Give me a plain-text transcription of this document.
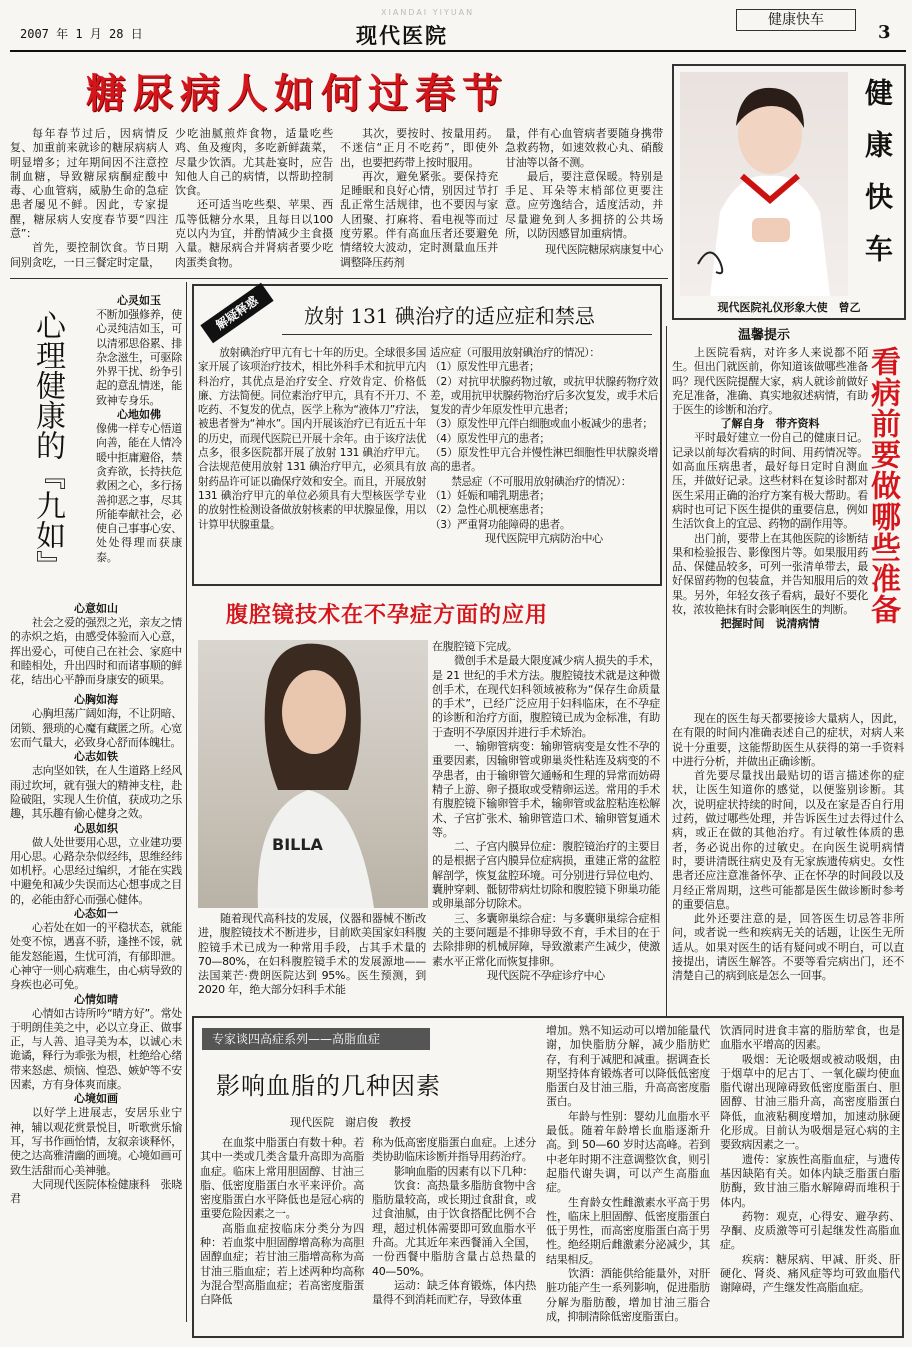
2007 年 1 月 28 日
XIANDAI YIYUAN
现代医院
健康快车
3
糖尿病人如何过春节

每年春节过后，因病情反复、加重前来就诊的糖尿病病人明显增多；过年期间因不注意控制血糖，导致糖尿病酮症酸中毒、心血管病，威胁生命的急症患者屡见不鲜。因此，专家提醒，糖尿病人安度春节要“四注意”：

首先，要控制饮食。节日期间别贪吃，一日三餐定时定量，

少吃油腻煎炸食物，适量吃些鸡、鱼及瘦肉，多吃新鲜蔬菜，尽量少饮酒。尤其赴宴时，应告知他人自己的病情，以帮助控制饮食。

还可适当吃些梨、苹果、西瓜等低糖分水果，且每日以100克以内为宜，并酌情减少主食摄入量。糖尿病合并肾病者要少吃肉蛋类食物。

其次，要按时、按量用药。不迷信“正月不吃药”，即使外出，也要把药带上按时服用。

再次，避免紧张。要保持充足睡眠和良好心情，别因过节打乱正常生活规律，也不要因与家人团聚、打麻将、看电视等而过度劳累。伴有高血压者还要避免情绪较大波动，定时测量血压并调整降压药剂

量，伴有心血管病者要随身携带急救药物，如速效救心丸、硝酸甘油等以备不测。

最后，要注意保暖。特别是手足、耳朵等末梢部位更要注意。应劳逸结合，适度活动，并尽量避免到人多拥挤的公共场所，以防因感冒加重病情。

现代医院糖尿病康复中心	健康快车
现代医院礼仪形象大使　曾乙
心理健康的『九如』
心灵如玉

不断加强修养，使心灵纯洁如玉，可以清邪思俗累、排杂念滋生，可驱除外界干扰、纷争引起的意乱情迷，能致神专身乐。

心地如佛

像佛一样专心悟道向善，能在人情冷暖中拒庸避俗，禁贪弃欲，长持扶危救困之心，多行扬善抑恶之事，尽其所能奉献社会，必使自己事事心安、处处得理而获康泰。

心意如山

社会之爱的强烈之光，亲友之情的赤炽之焰，由感受体验而入心意，挥出爱心，可使自己在社会、家庭中和睦相处，升出四时和而诸事顺的鲜花，结出心平静而身康安的硕果。

心胸如海

心胸坦荡广阔如海，不让阴暗、闭锁、猥琐的心魔有藏匿之所。心宽宏而气量大，必致身心舒而体魄壮。

心志如铁

志向坚如铁，在人生道路上经风雨过坎坷，就有强大的精神支柱，赴险破阻，实现人生价值，获成功之乐趣，其乐趣有偷心健身之效。

心思如织

做人处世要用心思，立业建功要用心思。心路杂杂似经纬，思维经纬如机杼。心思经过编织，才能在实践中避免和减少失误而达心想事成之目的，必能由舒心而强心健体。

心态如一

心若处在如一的平稳状态，就能处变不惊，遇喜不骄，逢挫不馁，就能发怒能遏，生忧可消，有郁即泄。心神守一则心病难生，由心病导致的身疾也必可免。

心情如晴

心情如古诗所吟“晴方好”。常处于明朗佳美之中，必以立身正、做事正，与人善、追寻美为本，以诚心未诡谲，释行为乖张为根，杜绝给心绪带来怒虑、烦恼、惶恐、嫉妒等不安因素，方有身体爽而康。

心境如画

以好学上进展志，安居乐业宁神，辅以观花赏景悦目，听歌赏乐愉耳，写书作画怡情，友叙亲谈释怀，使之达高雅清幽的画境。心境如画可致生活甜而心美神驰。

大同现代医院体检健康科　张晓君

解疑释惑	放射 131 碘治疗的适应症和禁忌

放射碘治疗甲亢有七十年的历史。全球很多国家开展了该项治疗技术，相比外科手术和抗甲亢内科治疗，其优点是治疗安全、疗效肯定、价格低廉、方法简便。同位素治疗甲亢，具有不开刀、不吃药、不复发的优点，医学上称为“液体刀”疗法，被患者誉为“神水”。国内开展该治疗已有近五十年的历史，而现代医院已开展十余年。由于该疗法优点多，很多医院都开展了放射 131 碘治疗甲亢。合法规范使用放射 131 碘治疗甲亢，必须具有放射药品许可证以确保疗效和安全。而且，开展放射 131 碘治疗甲亢的单位必须具有大型核医学专业的放射性检测设备做放射核素的甲状腺显像，用以计算甲状腺重量。

适应症（可服用放射碘治疗的情况）：

（1）原发性甲亢患者；

（2）对抗甲状腺药物过敏，或抗甲状腺药物疗效差，或用抗甲状腺药物治疗后多次复发，或手术后复发的青少年原发性甲亢患者；

（3）原发性甲亢伴白细胞或血小板减少的患者；

（4）原发性甲亢的患者；

（5）原发性甲亢合并慢性淋巴细胞性甲状腺炎增高的患者。

禁忌症（不可服用放射碘治疗的情况）：

（1）妊娠和哺乳期患者；

（2）急性心肌梗塞患者；

（3）严重肾功能障碍的患者。

现代医院甲亢病防治中心

腹腔镜技术在不孕症方面的应用
BILLA

随着现代高科技的发展，仪器和器械不断改进，腹腔镜技术不断进步，目前欧美国家妇科腹腔镜手术已成为一种常用手段，占其手术量的 70—80%，在妇科腹腔镜手术的发展源地——法国莱芒·费朗医院达到 95%。医生预测，到 2020 年，绝大部分妇科手术能

在腹腔镜下完成。

微创手术是最大限度减少病人损失的手术，是 21 世纪的手术方法。腹腔镜技术就是这种微创手术，在现代妇科领域被称为“保存生命质量的手术”，已经广泛应用于妇科临床，在不孕症的诊断和治疗方面，腹腔镜已成为金标准，有助于查明不孕原因并进行手术矫治。

一、输卵管病变：输卵管病变是女性不孕的重要因素，因输卵管或卵巢炎性粘连及病变的不孕患者，由于输卵管欠通畅和生理的异常而妨碍精子上游、卵子摄取或受精卵运送。常用的手术有腹腔镜下输卵管手术，输卵管或盆腔粘连松解术、子宫扩张术、输卵管造口术、输卵管复通术等。

二、子宫内膜异位症：腹腔镜治疗的主要目的是根据子宫内膜异位症病损，重建正常的盆腔解剖学，恢复盆腔环境。可分别进行异位电灼、囊肿穿刺、骶韧带病灶切除和腹腔镜下卵巢功能或卵巢部分切除术。

三、多囊卵巢综合症：与多囊卵巢综合症相关的主要问题是不排卵导致不育，手术目的在于去除排卵的机械屏障，导致激素产生减少，使激素水平正常化而恢复排卵。

现代医院不孕症诊疗中心

温馨提示

上医院看病，对许多人来说都不陌生。但出门就医前，你知道该做哪些准备吗？现代医院提醒大家，病人就诊前做好充足准备，准确、真实地叙述病情，有助于医生的诊断和治疗。

了解自身　带齐资料

平时最好建立一份自己的健康日记。记录以前每次看病的时间、用药情况等。如高血压病患者，最好每日定时自测血压，并做好记录。这些材料在复诊时都对医生采用正确的治疗方案有极大帮助。看病时也可记下医生提供的重要信息，例如生活饮食上的宜忌、药物的副作用等。

出门前，要带上在其他医院的诊断结果和检验报告、影像图片等。如果服用药品、保健品较多，可列一张清单带去，最好保留药物的包装盒，并告知服用后的效果。另外，年轻女孩子看病，最好不要化妆，浓妆艳抹有时会影响医生的判断。

把握时间　说清病情	看病前要做哪些准备

现在的医生每天都要接诊大量病人，因此，在有限的时间内准确表述自己的症状，对病人来说十分重要，这能帮助医生从获得的第一手资料中进行分析，并做出正确诊断。

首先要尽量找出最贴切的语言描述你的症状，让医生知道你的感觉，以便鉴别诊断。其次，说明症状持续的时间，以及在家是否自行用过药，做过哪些处理，并告诉医生过去得过什么病，或正在做的其他治疗。有过敏性体质的患者，务必说出你的过敏史。在向医生说明病情时，要讲清既往病史及有无家族遗传病史。女性患者还应注意准备怀孕、正在怀孕的时间段以及月经正常周期，这些可能都是医生做诊断时参考的重要信息。

此外还要注意的是，回答医生切忌答非所问，或者说一些和疾病无关的话题，让医生无所适从。如果对医生的话有疑问或不明白，可以直接提出，请医生解答。不要等看完病出门，还不清楚自己的病到底是怎么一回事。

专家谈四高症系列——高脂血症
影响血脂的几种因素
现代医院　谢启俊　教授

在血浆中脂蛋白有数十种。若其中一类或几类含量升高即为高脂血症。临床上常用胆固醇、甘油三脂、低密度脂蛋白水平来评价。高密度脂蛋白水平降低也是冠心病的重要危险因素之一。

高脂血症按临床分类分为四种：若血浆中胆固醇增高称为高胆固醇血症；若甘油三脂增高称为高甘油三脂血症；若上述两种均高称为混合型高脂血症；若高密度脂蛋白降低

称为低高密度脂蛋白血症。上述分类协助临床诊断并指导用药治疗。

影响血脂的因素有以下几种：

饮食：高热量多脂肪食物中含脂肪量较高，或长期过食甜食，或过食油腻，由于饮食搭配比例不合理，超过机体需要即可致血脂水平升高。尤其近年来西餐涌入全国，一份西餐中脂肪含量占总热量的 40—50%。

运动：缺乏体育锻炼，体内热量得不到消耗而贮存，导致体重

增加。熟不知运动可以增加能量代谢，加快脂肪分解，减少脂肪贮存，有利于减肥和减重。据调查长期坚持体育锻炼者可以降低低密度脂蛋白及甘油三脂，升高高密度脂蛋白。

年龄与性别：婴幼儿血脂水平最低。随着年龄增长血脂逐渐升高。到 50—60 岁时达高峰。若到中老年时期不注意调整饮食，则引起脂代谢失调，可以产生高脂血症。

生育龄女性雌激素水平高于男性，临床上胆固醇、低密度脂蛋白低于男性，而高密度脂蛋白高于男性。绝经期后雌激素分泌减少，其结果相反。

饮酒：酒能供给能量外，对肝脏功能产生一系列影响，促进脂肪分解为脂肪酸，增加甘油三脂合成，抑制清除低密度脂蛋白。

饮酒同时进食丰富的脂肪荤食，也是血脂水平增高的因素。

吸烟：无论吸烟或被动吸烟，由于烟草中的尼古丁、一氧化碳均使血脂代谢出现障碍致低密度脂蛋白、胆固醇、甘油三脂升高，高密度脂蛋白降低，血液粘稠度增加，加速动脉硬化形成。目前认为吸烟是冠心病的主要致病因素之一。

遗传：家族性高脂血症，与遗传基因缺陷有关。如体内缺乏脂蛋白脂肪酶，致甘油三脂水解障碍而堆积于体内。

药物：观克，心得安、避孕药、孕酮、皮质激等可引起继发性高脂血症。

疾病：糖尿病、甲减、肝炎、肝硬化、肾炎、痛风症等均可致血脂代谢障碍，产生继发性高脂血症。
